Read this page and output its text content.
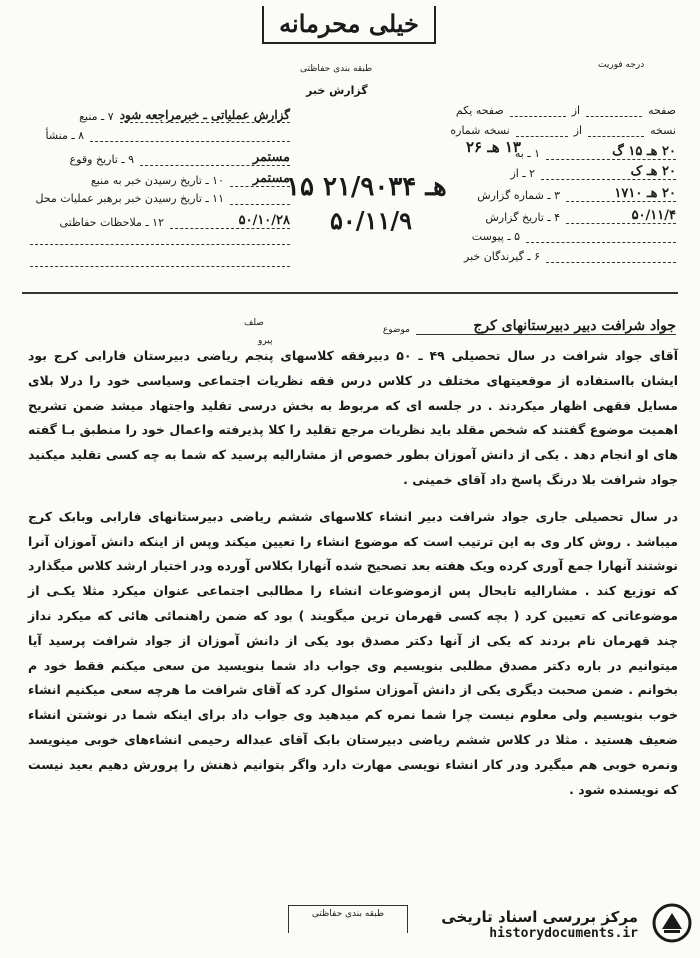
خیلی محرمانه
طبقه بندی حفاظتی	درجه فوریت
گزارش خبر
صفحه یکم	از	صفحه
نسخه شماره	از	نسخه
۱ ـ به	۲۰ هـ ۱۵ گ
۲ ـ از	۲۰ هـ ک
۳ ـ شماره گزارش	۲۰ هـ ۱۷۱۰
۴ ـ تاریخ گزارش	۵۰/۱۱/۴
۵ ـ پیوست
۶ ـ گیرندگان خبر
۱۳ هـ ۲۶
۷ ـ منبع گزارش عملیاتی ـ خبرمراجعه شود
۸ ـ منشأ
۹ ـ تاریخ وقوع	مستمر
۱۰ ـ تاریخ رسیدن خبر به منبع	مستمر
۱۱ ـ تاریخ رسیدن خبر برهبر عملیات محل
۱۲ ـ ملاحظات حفاظتی	۵۰/۱۰/۲۸
۱۵ هـ ۲۱/۹۰۳۴
۵۰/۱۱/۹
موضوع	جواد شرافت دبیر دبیرستانهای کرج
صلف
پیرو

آقای جواد شرافت در سال تحصیلی ۴۹ ـ ۵۰ دبیرفقه کلاسهای پنجم ریاضی دبیرستان فارابی کرج بود ایشان بااستفاده از موقعیتهای مختلف در کلاس درس فقه نظریات اجتماعی وسیاسی خود را درلا بلای مسایل فقهی اظهار میکردند . در جلسه ای که مربوط به بخش درسی تقلید واجتهاد میشد ضمن تشریح اهمیت موضوع گفتند که شخص مقلد باید نظریات مرجع تقلید را کلا پذیرفته واعمال خود را منطبق بـا گفته های او انجام دهد . یکی از دانش آموزان بطور خصوص از مشارالیه پرسید که شما به چه کسی تقلید میکنید جواد شرافت بلا درنگ پاسخ داد آقای خمینی .

در سال تحصیلی جاری جواد شرافت دبیر انشاء کلاسهای ششم ریاضی دبیرستانهای فارابی وبابک کرج میباشد . روش کار وی به این ترتیب است که موضوع انشاء را تعیین میکند وپس از اینکه دانش آموزان آنرا نوشتند آنهارا جمع آوری کرده ویک هفته بعد تصحیح شده آنهارا بکلاس آورده ودر اختیار ارشد کلاس میگذارد که توزیع کند . مشارالیه تابحال پس ازموضوعات انشاء را مطالبی اجتماعی عنوان میکرد مثلا یکـی از موضوعاتی که تعیین کرد ( بچه کسی قهرمان ترین میگویند ) بود که ضمن راهنمائی هائی که میکرد نداز چند قهرمان نام بردند که یکی از آنها دکتر مصدق بود یکی از دانش آموزان از جواد شرافت پرسید آیا میتوانیم در باره دکتر مصدق مطلبی بنویسیم وی جواب داد شما بنویسید من سعی میکنم فقط خود م بخوانم . ضمن صحبت دیگری یکی از دانش آموزان سئوال کرد که آقای شرافت ما هرچه سعی میکنیم انشاء خوب بنویسیم ولی معلوم نیست چرا شما نمره کم میدهید وی جواب داد برای اینکه شما در نوشتن انشاء ضعیف هستید . مثلا در کلاس ششم ریاضی دبیرستان بابک آقای عبداله رحیمی انشاءهای خوبی مینویسد ونمره خوبی هم میگیرد ودر کار انشاء نویسی مهارت دارد واگر بتوانیم ذهنش را پرورش دهیم بعید نیست که نویسنده شود .

طبقه بندی حفاظتی	مرکز بررسی اسناد تاریخی
historydocuments.ir
